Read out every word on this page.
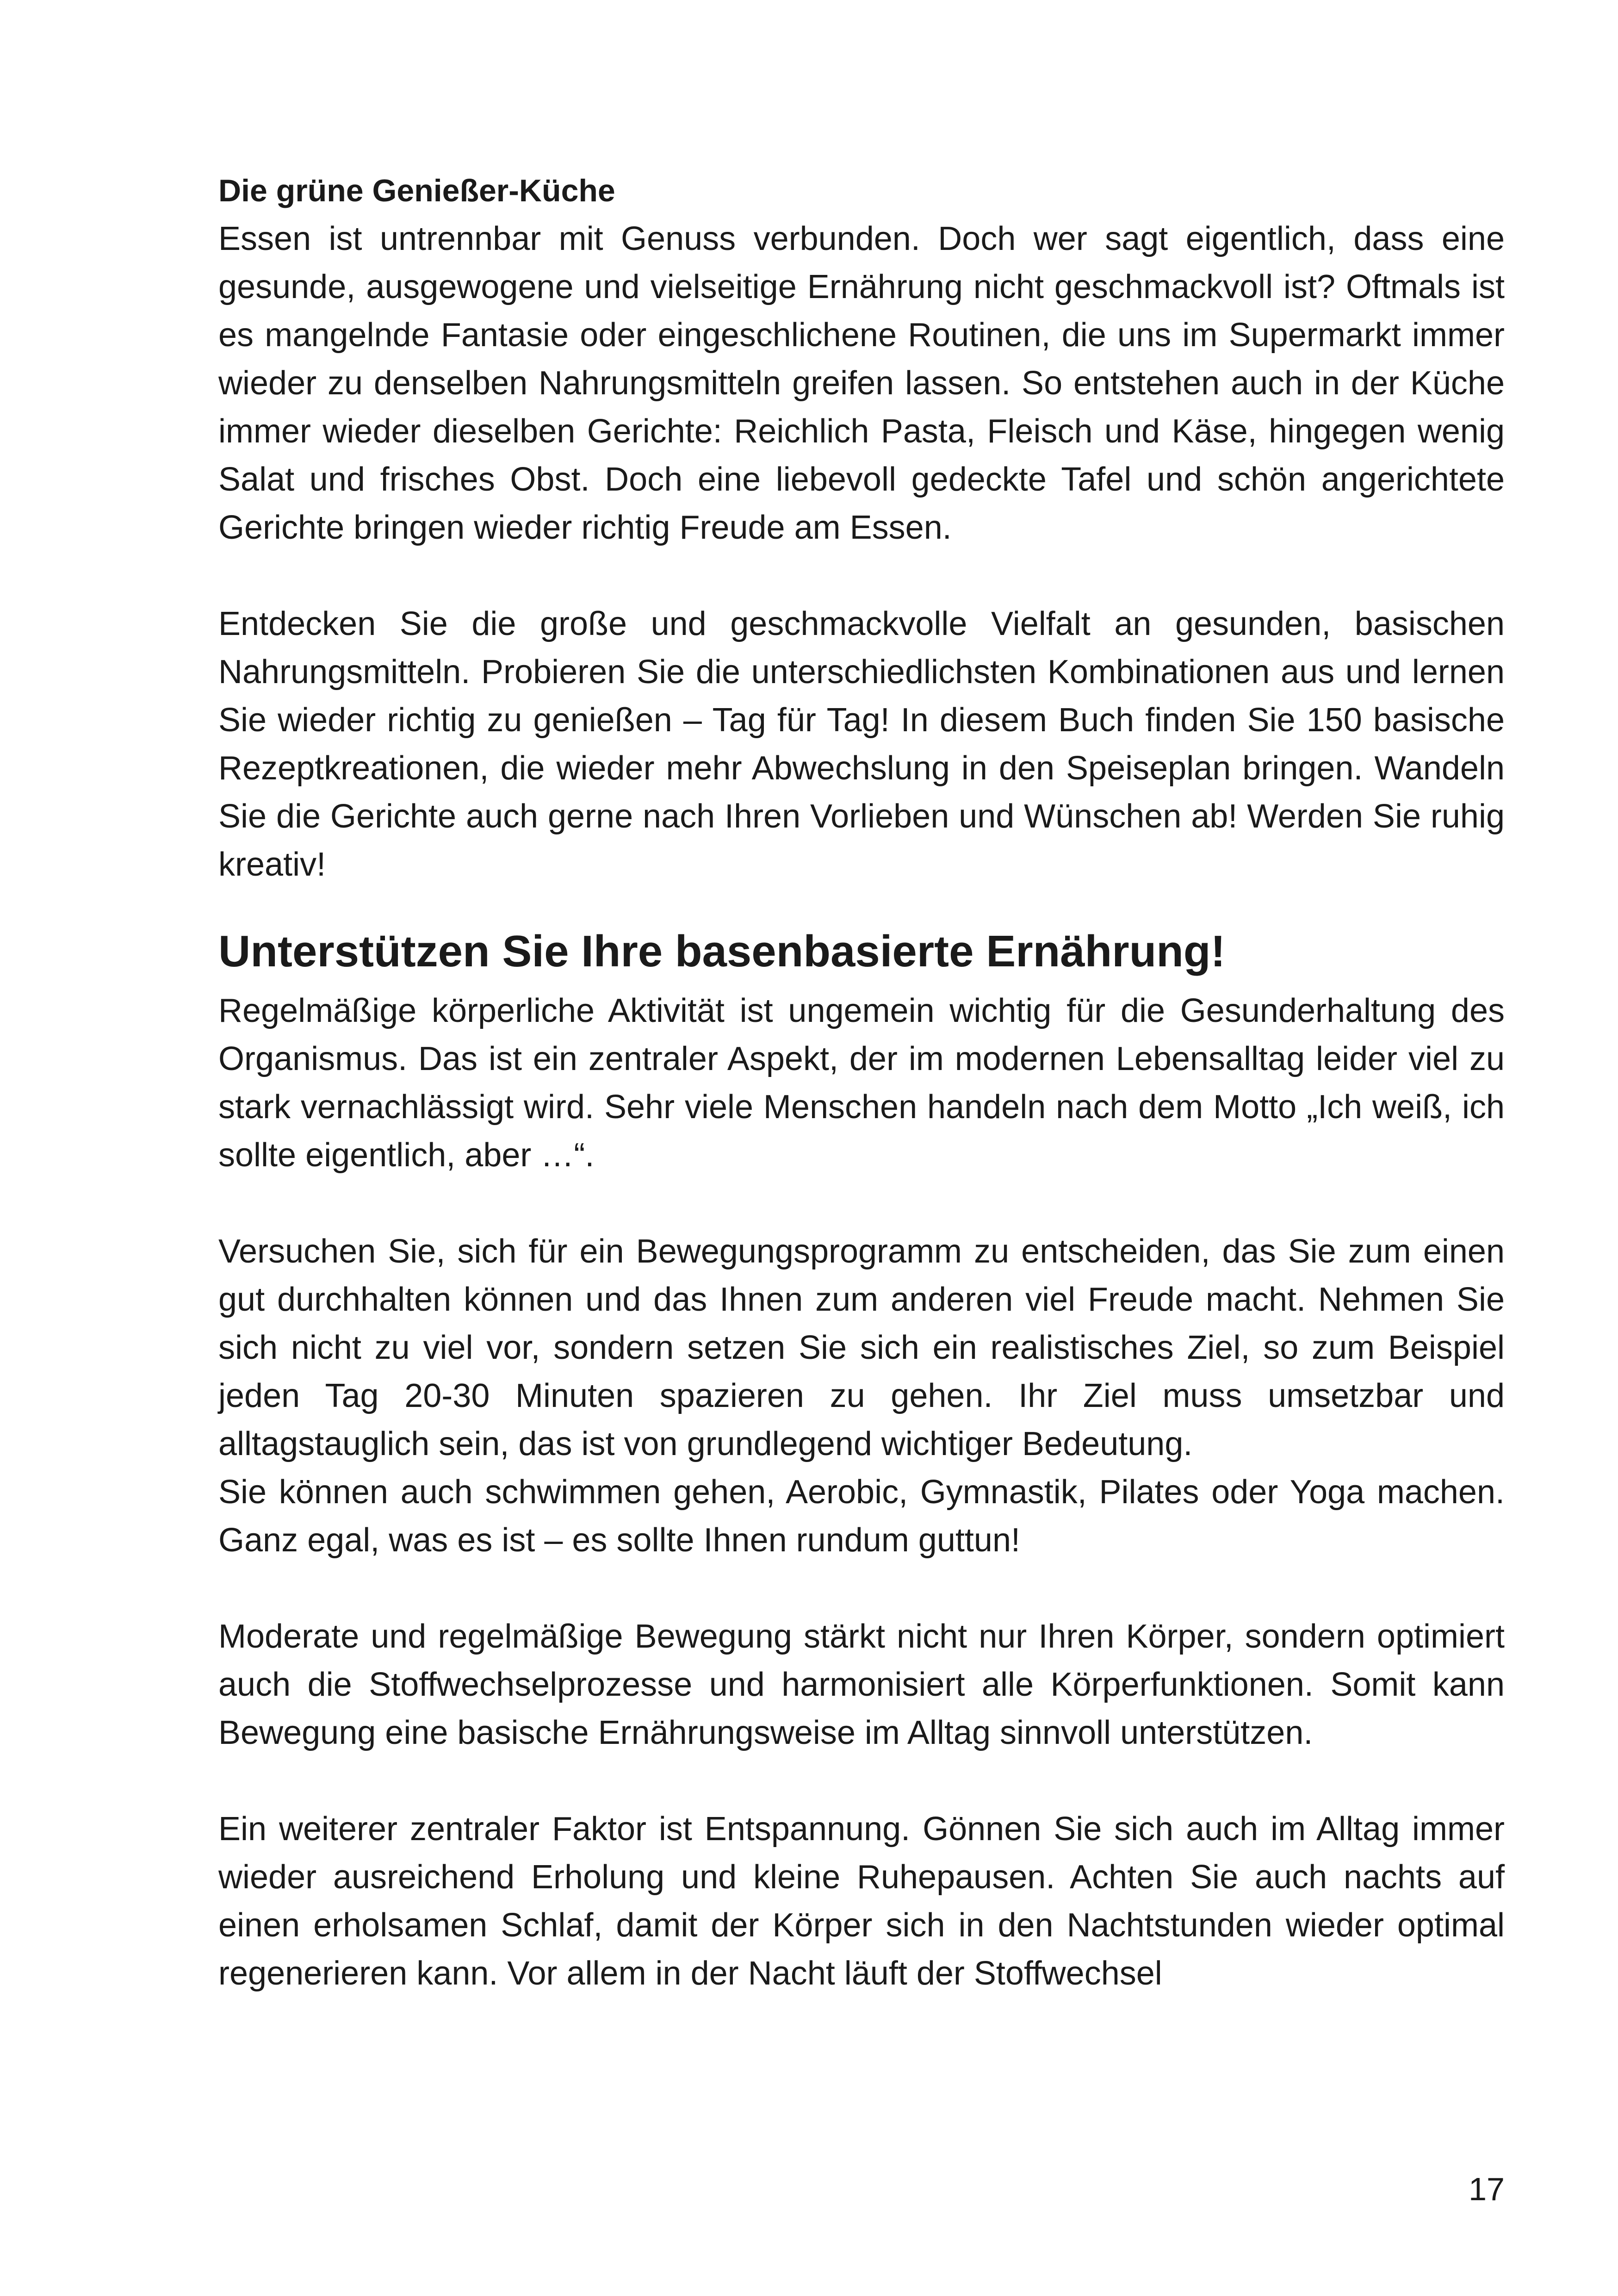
Die grüne Genießer-Küche

Essen ist untrennbar mit Genuss verbunden. Doch wer sagt eigentlich, dass eine gesunde, ausgewogene und vielseitige Ernährung nicht geschmackvoll ist? Oftmals ist es mangelnde Fantasie oder eingeschlichene Routinen, die uns im Supermarkt immer wieder zu denselben Nahrungsmitteln greifen lassen. So entstehen auch in der Küche immer wieder dieselben Gerichte: Reichlich Pasta, Fleisch und Käse, hingegen wenig Salat und frisches Obst. Doch eine liebevoll gedeckte Tafel und schön angerichtete Gerichte bringen wieder richtig Freude am Essen.

Entdecken Sie die große und geschmackvolle Vielfalt an gesunden, basischen Nahrungsmitteln. Probieren Sie die unterschiedlichsten Kombinationen aus und lernen Sie wieder richtig zu genießen – Tag für Tag! In diesem Buch finden Sie 150 basische Rezeptkreationen, die wieder mehr Abwechslung in den Speiseplan bringen. Wandeln Sie die Gerichte auch gerne nach Ihren Vorlieben und Wünschen ab! Werden Sie ruhig kreativ!

Unterstützen Sie Ihre basenbasierte Ernährung!

Regelmäßige körperliche Aktivität ist ungemein wichtig für die Gesunderhaltung des Organismus. Das ist ein zentraler Aspekt, der im modernen Lebensalltag leider viel zu stark vernachlässigt wird. Sehr viele Menschen handeln nach dem Motto „Ich weiß, ich sollte eigentlich, aber …“.

Versuchen Sie, sich für ein Bewegungsprogramm zu entscheiden, das Sie zum einen gut durchhalten können und das Ihnen zum anderen viel Freude macht. Nehmen Sie sich nicht zu viel vor, sondern setzen Sie sich ein realistisches Ziel, so zum Beispiel jeden Tag 20-30 Minuten spazieren zu gehen. Ihr Ziel muss umsetzbar und alltagstauglich sein, das ist von grundlegend wichtiger Bedeutung.

Sie können auch schwimmen gehen, Aerobic, Gymnastik, Pilates oder Yoga machen. Ganz egal, was es ist – es sollte Ihnen rundum guttun!

Moderate und regelmäßige Bewegung stärkt nicht nur Ihren Körper, sondern optimiert auch die Stoffwechselprozesse und harmonisiert alle Körperfunktionen. Somit kann Bewegung eine basische Ernährungsweise im Alltag sinnvoll unterstützen.

Ein weiterer zentraler Faktor ist Entspannung. Gönnen Sie sich auch im Alltag immer wieder ausreichend Erholung und kleine Ruhepausen. Achten Sie auch nachts auf einen erholsamen Schlaf, damit der Körper sich in den Nachtstunden wieder optimal regenerieren kann. Vor allem in der Nacht läuft der Stoffwechsel

17
